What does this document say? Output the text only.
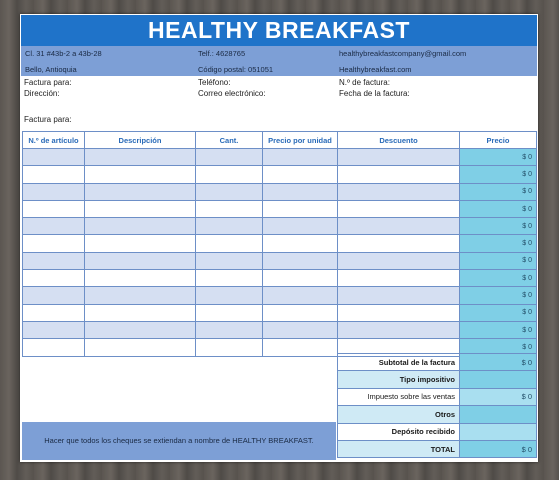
HEALTHY BREAKFAST
Cl. 31 #43b-2 a 43b-28
Bello, Antioquia
Telf.: 4628765
Código postal: 051051
healthybreakfastcompany@gmail.com
Healthybreakfast.com
Factura para:
Dirección:
Teléfono:
Correo electrónico:
N.º de factura:
Fecha de la factura:
Factura para:
N.º de artículo	Descripción	Cant.	Precio por unidad	Descuento	Precio
					$ 0
					$ 0
					$ 0
					$ 0
					$ 0
					$ 0
					$ 0
					$ 0
					$ 0
					$ 0
					$ 0
					$ 0
Subtotal de la factura	$ 0
Tipo impositivo	
Impuesto sobre las ventas	$ 0
Otros	
Depósito recibido	
TOTAL	$ 0
Hacer que todos los cheques se extiendan a nombre de HEALTHY BREAKFAST.
